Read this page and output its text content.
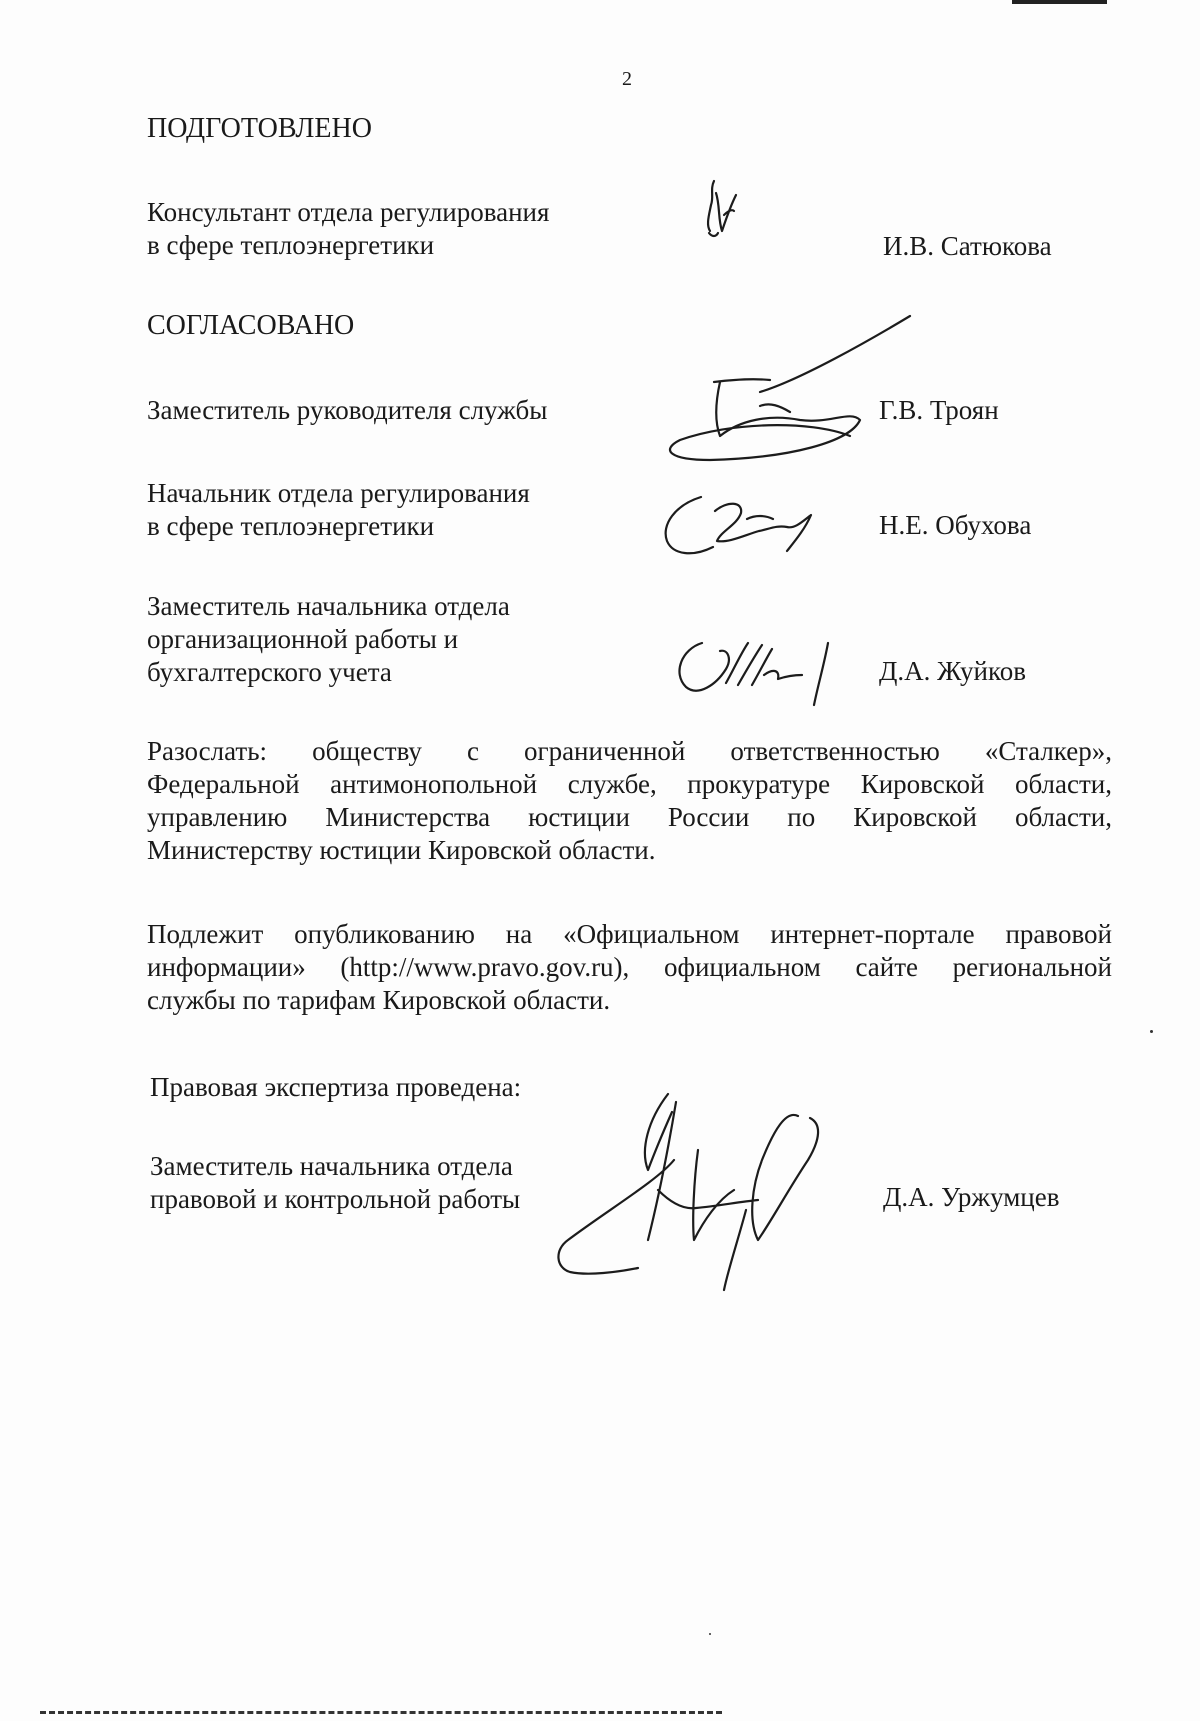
2
ПОДГОТОВЛЕНО
Консультант отдела регулирования
в сфере теплоэнергетики	И.В. Сатюкова
СОГЛАСОВАНО
Заместитель руководителя службы	Г.В. Троян
Начальник отдела регулирования
в сфере теплоэнергетики	Н.Е. Обухова
Заместитель начальника отдела
организационной работы и
бухгалтерского учета	Д.А. Жуйков
Разослать: обществу с ограниченной ответственностью «Сталкер»,
Федеральной антимонопольной службе, прокуратуре Кировской области,
управлению Министерства юстиции России по Кировской области,
Министерству юстиции Кировской области.
Подлежит опубликованию на «Официальном интернет-портале правовой
информации» (http://www.pravo.gov.ru), официальном сайте региональной
службы по тарифам Кировской области.
Правовая экспертиза проведена:
Заместитель начальника отдела
правовой и контрольной работы	Д.А. Уржумцев
